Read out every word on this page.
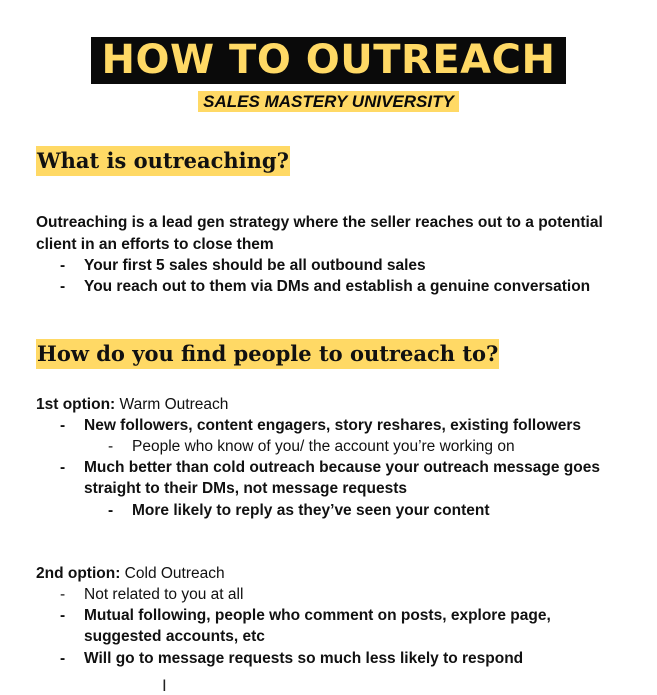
HOW TO OUTREACH
SALES MASTERY UNIVERSITY
What is outreaching?
Outreaching is a lead gen strategy where the seller reaches out to a potential
client in an efforts to close them
- Your first 5 sales should be all outbound sales
- You reach out to them via DMs and establish a genuine conversation
How do you find people to outreach to?
1st option: Warm Outreach
- New followers, content engagers, story reshares, existing followers
- People who know of you/ the account you’re working on
- Much better than cold outreach because your outreach message goes
straight to their DMs, not message requests
- More likely to reply as they’ve seen your content
2nd option: Cold Outreach
- Not related to you at all
- Mutual following, people who comment on posts, explore page,
suggested accounts, etc
- Will go to message requests so much less likely to respond
I
